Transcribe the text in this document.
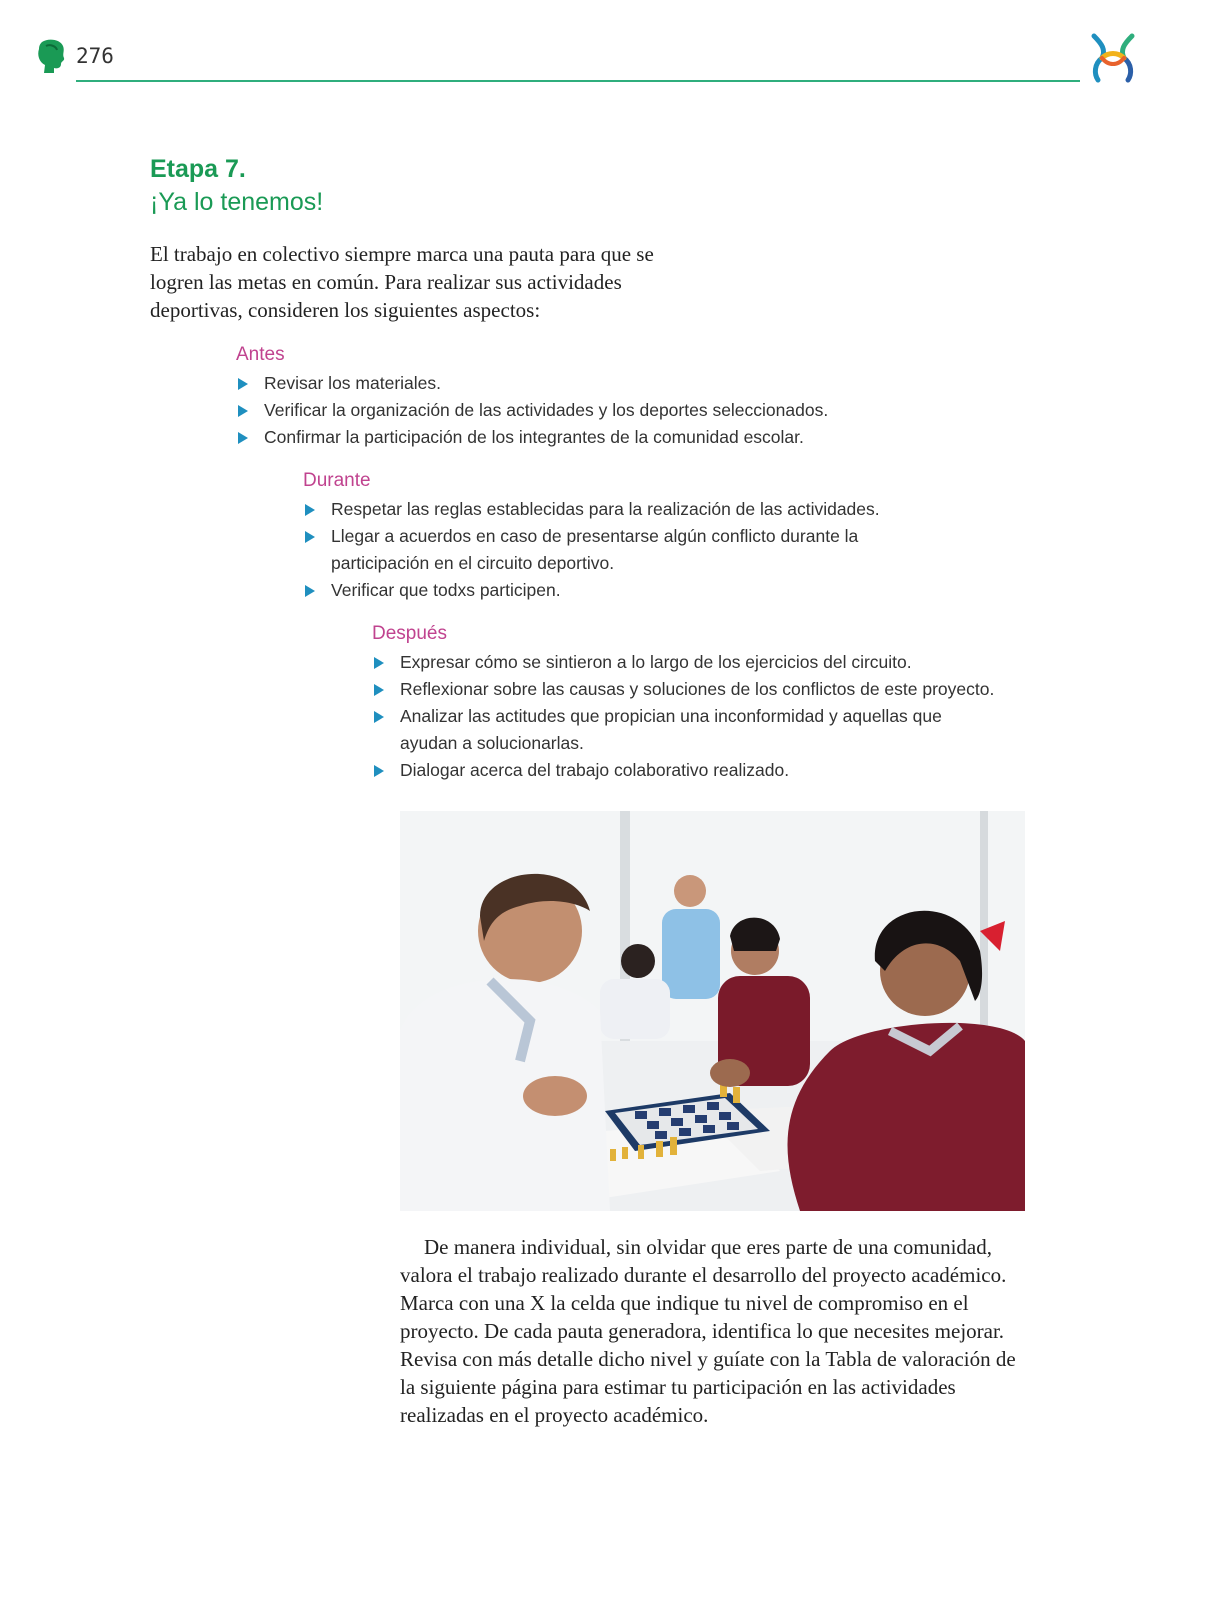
276
Etapa 7.
¡Ya lo tenemos!

El trabajo en colectivo siempre marca una pauta para que se logren las metas en común. Para realizar sus actividades deportivas, consideren los siguientes aspectos:

Antes
Revisar los materiales.
Verificar la organización de las actividades y los deportes seleccionados.
Confirmar la participación de los integrantes de la comunidad escolar.
Durante
Respetar las reglas establecidas para la realización de las actividades.
Llegar a acuerdos en caso de presentarse algún conflicto durante la participación en el circuito deportivo.
Verificar que todxs participen.
Después
Expresar cómo se sintieron a lo largo de los ejercicios del circuito.
Reflexionar sobre las causas y soluciones de los conflictos de este proyecto.
Analizar las actitudes que propician una inconformidad y aquellas que ayudan a solucionarlas.
Dialogar acerca del trabajo colaborativo realizado.

De manera individual, sin olvidar que eres parte de una comunidad, valora el trabajo realizado durante el desarrollo del proyecto académico. Marca con una X la celda que indique tu nivel de compromiso en el proyecto. De cada pauta generadora, identifica lo que necesites mejorar. Revisa con más detalle dicho nivel y guíate con la Tabla de valoración de la siguiente página para estimar tu participación en las actividades realizadas en el proyecto académico.
